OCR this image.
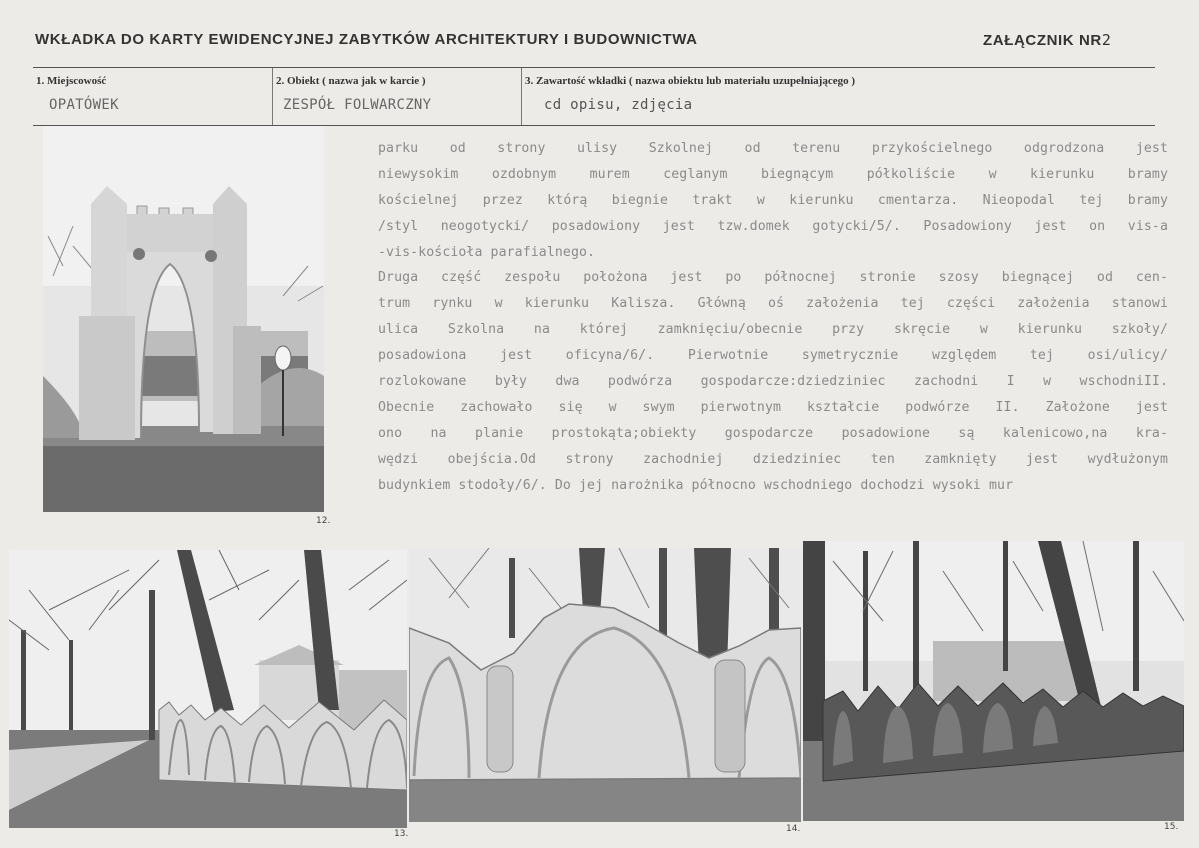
WKŁADKA DO KARTY EWIDENCYJNEJ ZABYTKÓW ARCHITEKTURY I BUDOWNICTWA	ZAŁĄCZNIK NR2
1. Miejscowość
OPATÓWEK
2. Obiekt ( nazwa jak w karcie )
ZESPÓŁ FOLWARCZNY
3. Zawartość wkładki ( nazwa obiektu lub materiału uzupełniającego )
cd opisu, zdjęcia
12.
parku od strony ulisy Szkolnej od terenu przykościelnego odgrodzona jest
niewysokim ozdobnym murem ceglanym biegnącym półkoliście w kierunku bramy
kościelnej przez którą biegnie trakt w kierunku cmentarza. Nieopodal tej bramy
/styl neogotycki/ posadowiony jest tzw.domek gotycki/5/. Posadowiony jest on vis-a
-vis-kościoła parafialnego.
Druga część zespołu położona jest po północnej stronie szosy biegnącej od cen-
trum rynku w kierunku Kalisza. Główną oś założenia tej części założenia stanowi
ulica Szkolna na której zamknięciu/obecnie przy skręcie w kierunku szkoły/
posadowiona jest oficyna/6/. Pierwotnie symetrycznie względem tej osi/ulicy/
rozlokowane były dwa podwórza gospodarcze:dziedziniec zachodni I w wschodniII.
Obecnie zachowało się w swym pierwotnym kształcie podwórze II. Założone jest
ono na planie prostokąta;obiekty gospodarcze posadowione są kalenicowo,na kra-
wędzi obejścia.Od strony zachodniej dziedziniec ten zamknięty jest wydłużonym
budynkiem stodoły/6/. Do jej narożnika północno wschodniego dochodzi wysoki mur
13.	14.	15.
